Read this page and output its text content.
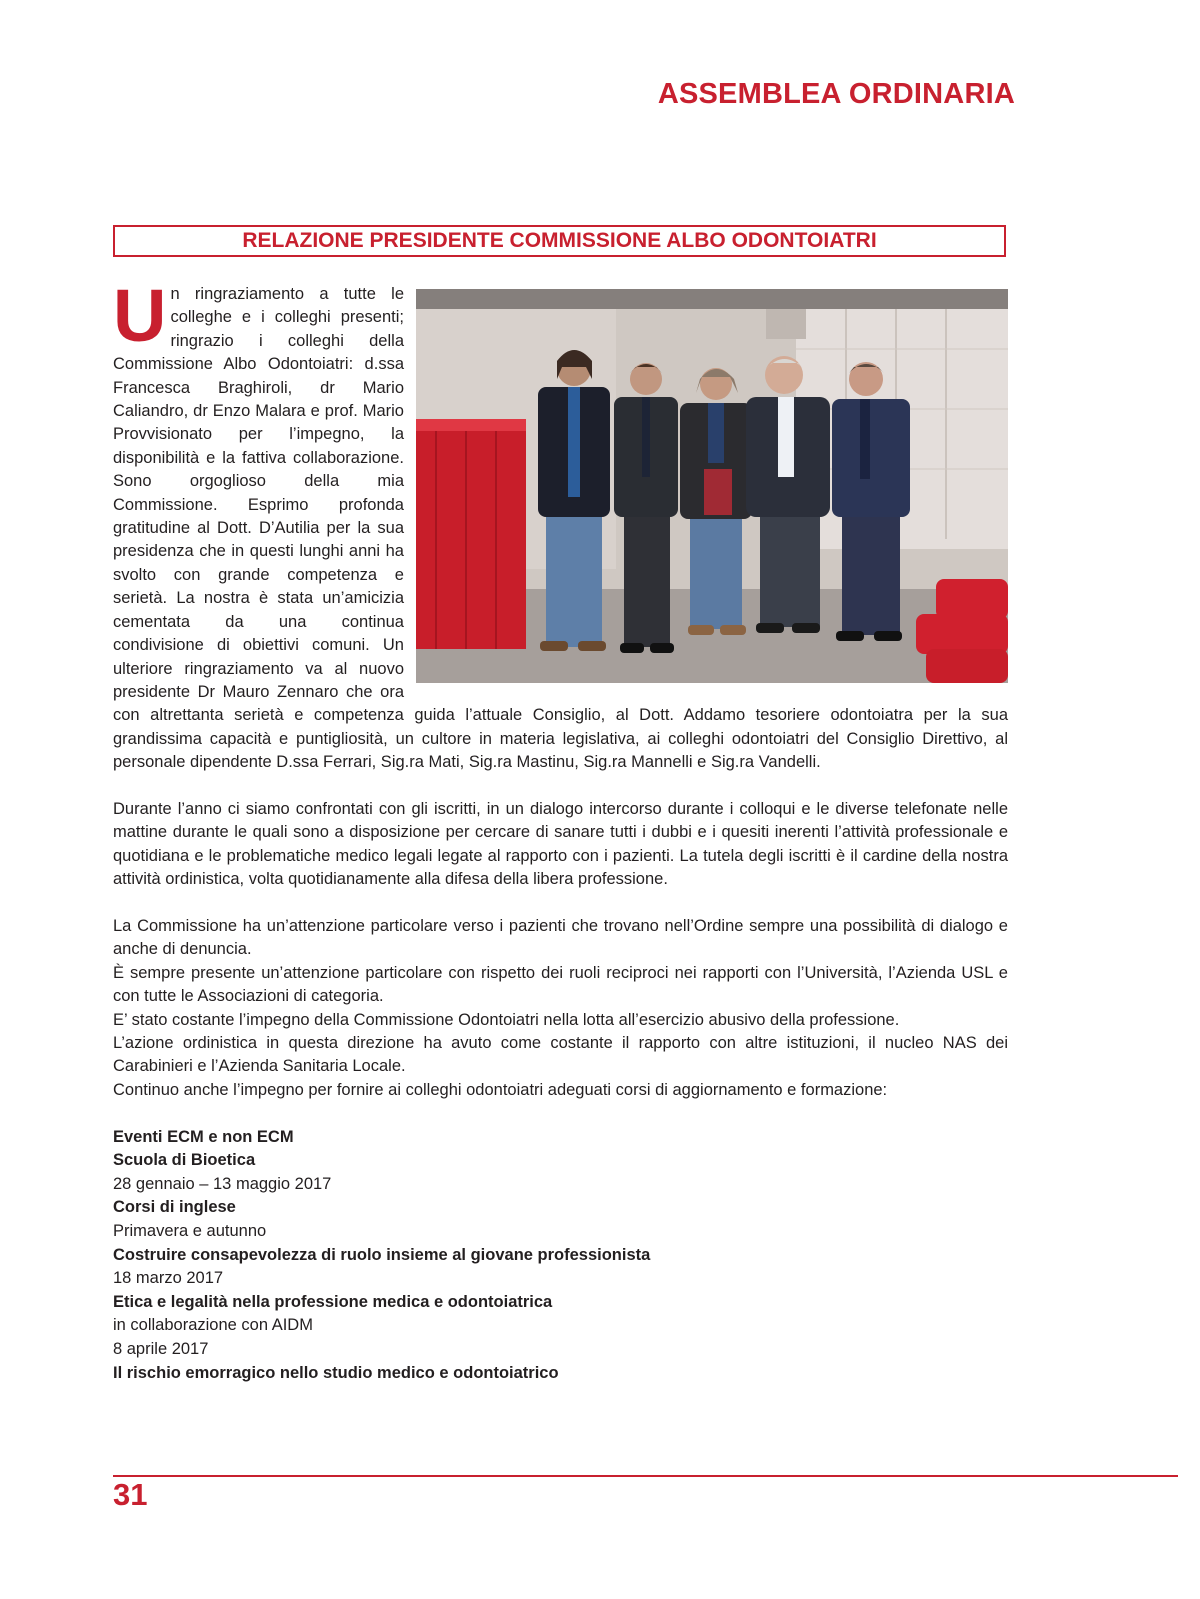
ASSEMBLEA ORDINARIA
RELAZIONE PRESIDENTE COMMISSIONE ALBO ODONTOIATRI

Un ringraziamento a tutte le colleghe e i colleghi presenti; ringrazio i colleghi della Commissione Albo Odontoiatri: d.ssa Francesca Braghiroli, dr Mario Caliandro, dr Enzo Malara e prof. Mario Provvisionato per l’impegno, la disponibilità e la fattiva collaborazione. Sono orgoglioso della mia Commissione. Esprimo profonda gratitudine al Dott. D’Autilia per la sua presidenza che in questi lunghi anni ha svolto con grande competenza e serietà. La nostra è stata un’amicizia cementata da una continua condivisione di obiettivi comuni. Un ulteriore ringraziamento va al nuovo presidente Dr Mauro Zennaro che ora con altrettanta serietà e competenza guida l’attuale Consiglio, al Dott. Addamo tesoriere odontoiatra per la sua grandissima capacità e puntigliosità, un cultore in materia legislativa, ai colleghi odontoiatri del Consiglio Direttivo, al personale dipendente D.ssa Ferrari, Sig.ra Mati, Sig.ra Mastinu, Sig.ra Mannelli e Sig.ra Vandelli.

Durante l’anno ci siamo confrontati con gli iscritti, in un dialogo intercorso durante i colloqui e le diverse telefonate nelle mattine durante le quali sono a disposizione per cercare di sanare tutti i dubbi e i quesiti inerenti l’attività professionale e quotidiana e le problematiche medico legali legate al rapporto con i pazienti. La tutela degli iscritti è il cardine della nostra attività ordinistica, volta quotidianamente alla difesa della libera professione.

La Commissione ha un’attenzione particolare verso i pazienti che trovano nell’Ordine sempre una possibilità di dialogo e anche di denuncia.

È sempre presente un’attenzione particolare con rispetto dei ruoli reciproci nei rapporti con l’Università, l’Azienda USL e con tutte le Associazioni di categoria.

E’ stato costante l’impegno della Commissione Odontoiatri nella lotta all’esercizio abusivo della professione.

L’azione ordinistica in questa direzione ha avuto come costante il rapporto con altre istituzioni, il nucleo NAS dei Carabinieri e l’Azienda Sanitaria Locale.

Continuo anche l’impegno per fornire ai colleghi odontoiatri adeguati corsi di aggiornamento e formazione:

Eventi ECM e non ECM
Scuola di Bioetica
28 gennaio – 13 maggio 2017
Corsi di inglese
Primavera e autunno
Costruire consapevolezza di ruolo insieme al giovane professionista
18 marzo 2017
Etica e legalità nella professione medica e odontoiatrica
in collaborazione con AIDM
8 aprile 2017
Il rischio emorragico nello studio medico e odontoiatrico
31
